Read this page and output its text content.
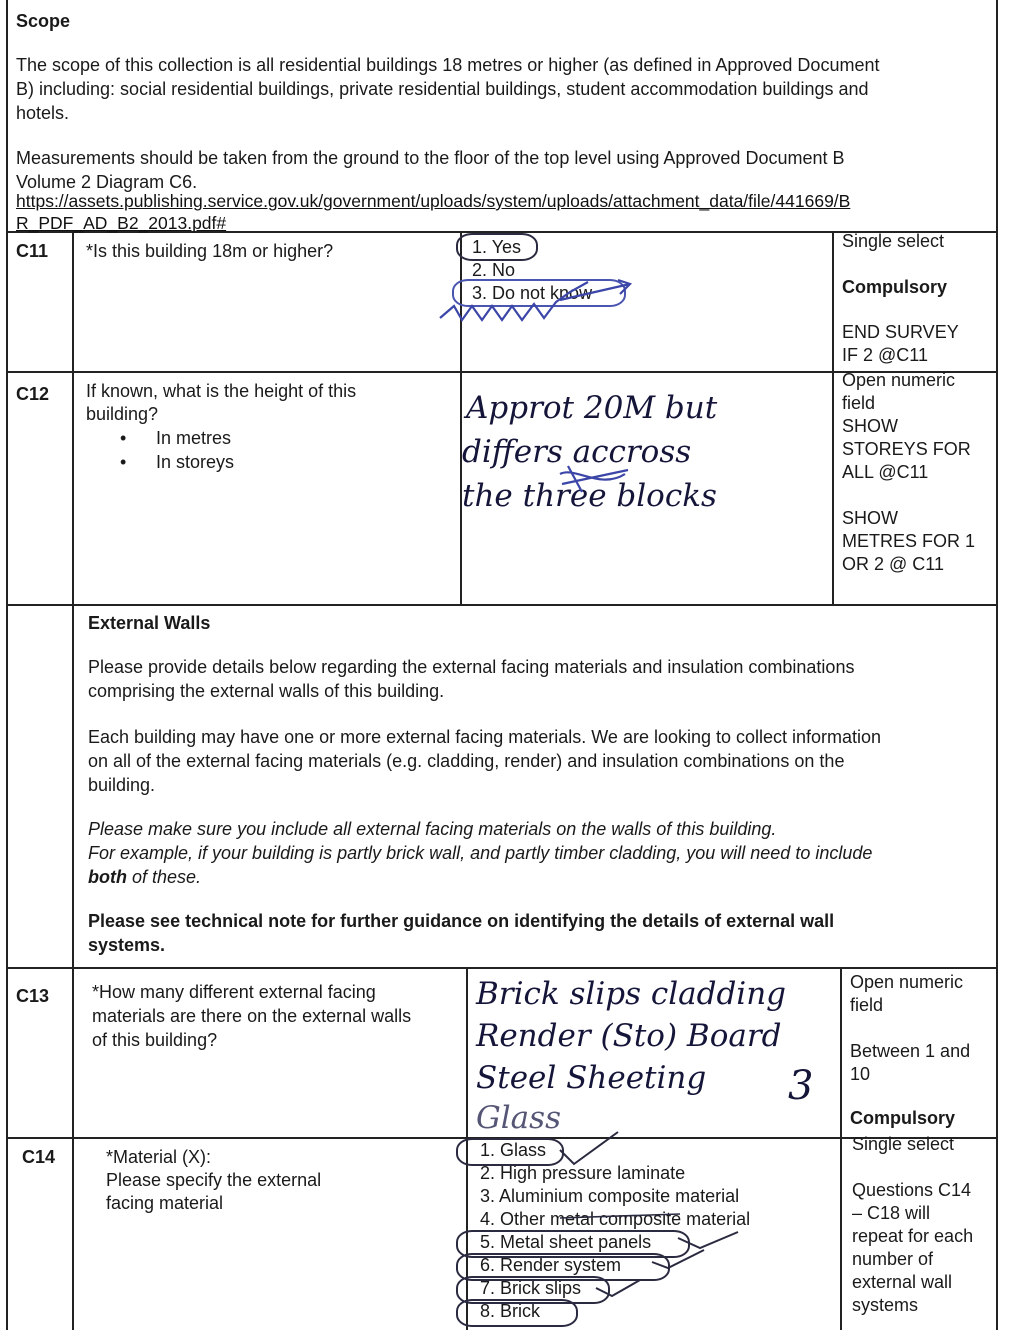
Scope
The scope of this collection is all residential buildings 18 metres or higher (as defined in Approved Document
B) including: social residential buildings, private residential buildings, student accommodation buildings and
hotels.
Measurements should be taken from the ground to the floor of the top level using Approved Document B
Volume 2 Diagram C6.
https://assets.publishing.service.gov.uk/government/uploads/system/uploads/attachment_data/file/441669/B
R_PDF_AD_B2_2013.pdf#
C11 *Is this building 18m or higher?	1. Yes
2. No
3. Do not know
Single select
Compulsory
END SURVEY
IF 2 @C11
C12 If known, what is the height of this
building?
• In metres
• In storeys
Approt 20M but
differs accross
the three blocks
Open numeric
field
SHOW
STOREYS FOR
ALL @C11
SHOW
METRES FOR 1
OR 2 @ C11
External Walls
Please provide details below regarding the external facing materials and insulation combinations
comprising the external walls of this building.
Each building may have one or more external facing materials. We are looking to collect information
on all of the external facing materials (e.g. cladding, render) and insulation combinations on the
building.
Please make sure you include all external facing materials on the walls of this building.
For example, if your building is partly brick wall, and partly timber cladding, you will need to include
both of these.
Please see technical note for further guidance on identifying the details of external wall
systems.
C13 *How many different external facing
materials are there on the external walls
of this building?
Brick slips cladding
Render (Sto) Board
Steel Sheeting 3
Glass
Open numeric
field
Between 1 and
10
Compulsory
C14	*Material (X):
Please specify the external
facing material
1. Glass
2. High pressure laminate
3. Aluminium composite material
4. Other metal composite material
5. Metal sheet panels
6. Render system
7. Brick slips
8. Brick
Single select
Questions C14
– C18 will
repeat for each
number of
external wall
systems
